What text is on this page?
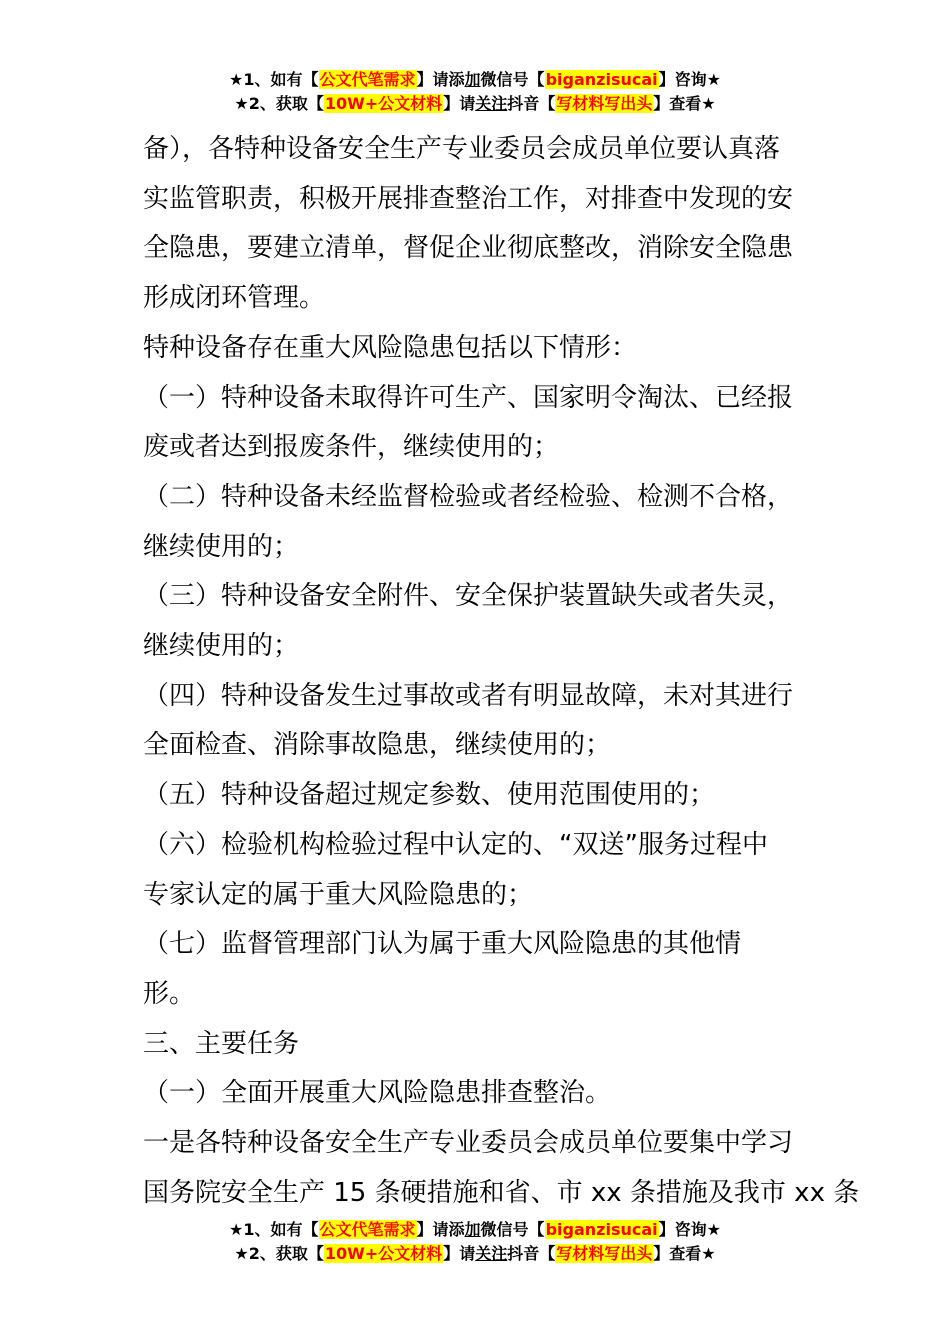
★1、如有【公文代笔需求】请添加微信号【biganzisucai】咨询★
★2、获取【10W+公文材料】请关注抖音【写材料写出头】查看★

备），各特种设备安全生产专业委员会成员单位要认真落

实监管职责，积极开展排查整治工作，对排查中发现的安

全隐患，要建立清单，督促企业彻底整改，消除安全隐患

形成闭环管理。

特种设备存在重大风险隐患包括以下情形：

（一）特种设备未取得许可生产、国家明令淘汰、已经报

废或者达到报废条件，继续使用的；

（二）特种设备未经监督检验或者经检验、检测不合格，

继续使用的；

（三）特种设备安全附件、安全保护装置缺失或者失灵，

继续使用的；

（四）特种设备发生过事故或者有明显故障，未对其进行

全面检查、消除事故隐患，继续使用的；

（五）特种设备超过规定参数、使用范围使用的；

（六）检验机构检验过程中认定的、“双送”服务过程中

专家认定的属于重大风险隐患的；

（七）监督管理部门认为属于重大风险隐患的其他情

形。

三、主要任务

（一）全面开展重大风险隐患排查整治。

一是各特种设备安全生产专业委员会成员单位要集中学习

国务院安全生产 15 条硬措施和省、市 xx 条措施及我市 xx 条

★1、如有【公文代笔需求】请添加微信号【biganzisucai】咨询★
★2、获取【10W+公文材料】请关注抖音【写材料写出头】查看★
